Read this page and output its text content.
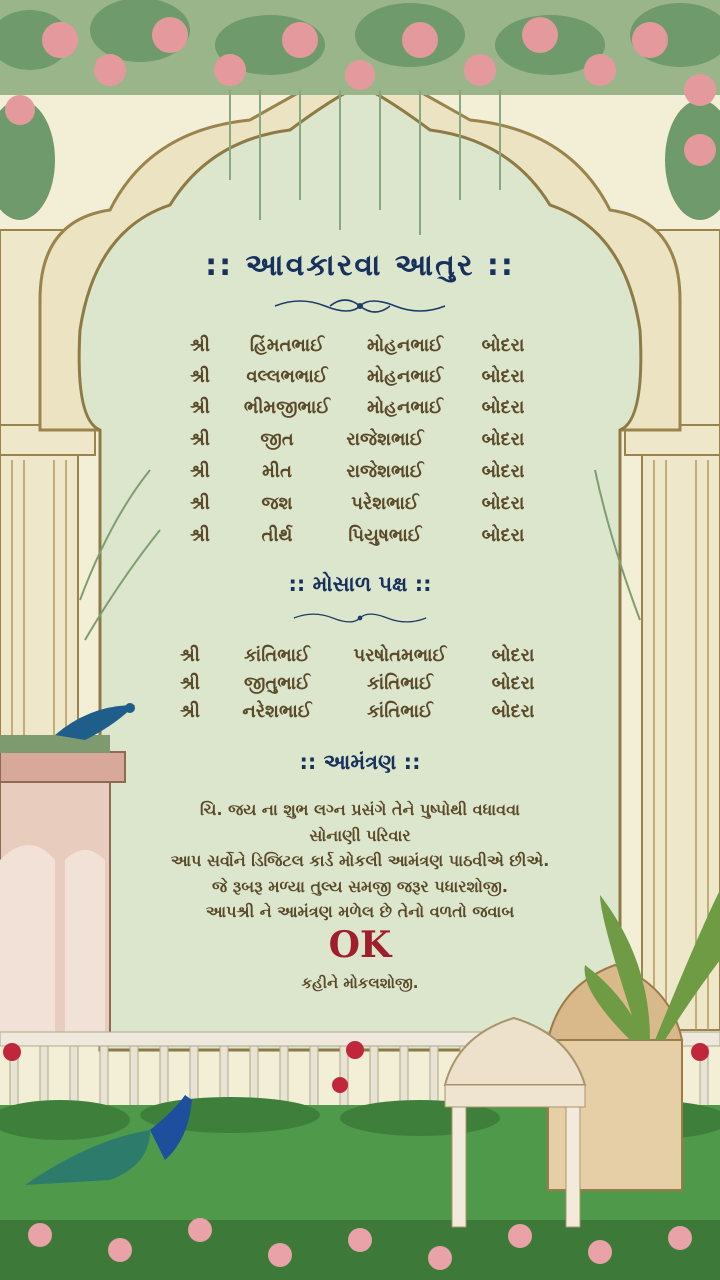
:: આવકારવા આતુર ::
શ્રી	હિંમતભાઈ	મોહનભાઈ	બોદરા
શ્રી	વલ્લભભાઈ	મોહનભાઈ	બોદરા
શ્રી	ભીમજીભાઈ	મોહનભાઈ	બોદરા
શ્રી	જીત	રાજેશભાઈ	બોદરા
શ્રી	મીત	રાજેશભાઈ	બોદરા
શ્રી	જશ	પરેશભાઈ	બોદરા
શ્રી	તીર્થ	પિયુષભાઈ	બોદરા
:: મોસાળ પક્ષ ::
શ્રી	કાંતિભાઈ	પરષોતમભાઈ	બોદરા
શ્રી	જીતુભાઈ	કાંતિભાઈ	બોદરા
શ્રી	નરેશભાઈ	કાંતિભાઈ	બોદરા
:: આમંત્રણ ::
ચિ. જય ના શુભ લગ્ન પ્રસંગે તેને પુષ્પોથી વધાવવા
સોનાણી પરિવાર
આપ સર્વોને ડિજિટલ કાર્ડ મોકલી આમંત્રણ પાઠવીએ છીએ.
જે રૂબરૂ મળ્યા તુલ્ય સમજી જરૂર પધારશોજી.
આપશ્રી ને આમંત્રણ મળેલ છે તેનો વળતો જવાબ
OK
કહીને મોકલશોજી.
